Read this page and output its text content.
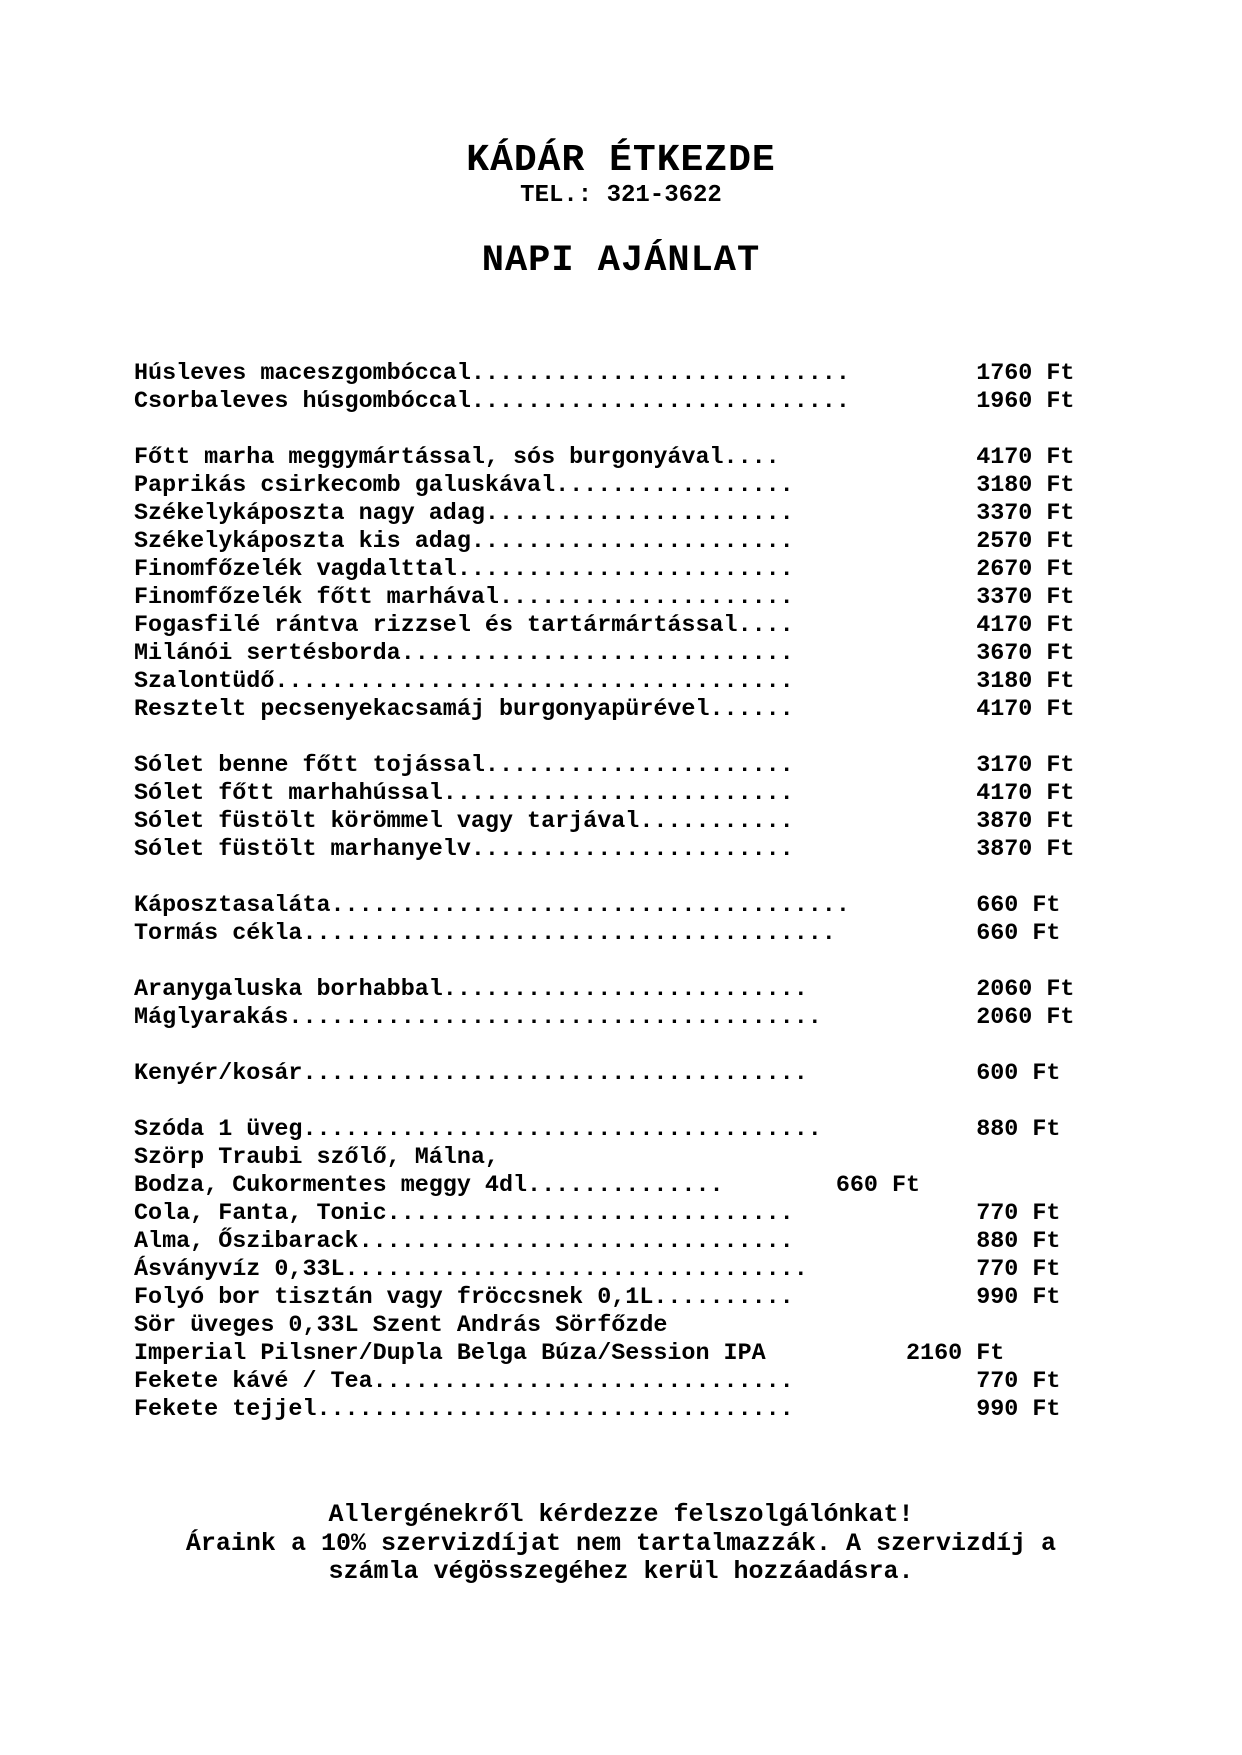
KÁDÁR ÉTKEZDE
TEL.: 321-3622
NAPI AJÁNLAT
Húsleves maceszgombóccal...........................         1760 Ft
Csorbaleves húsgombóccal...........................         1960 Ft

Főtt marha meggymártással, sós burgonyával....              4170 Ft
Paprikás csirkecomb galuskával.................             3180 Ft
Székelykáposzta nagy adag......................             3370 Ft
Székelykáposzta kis adag.......................             2570 Ft
Finomfőzelék vagdalttal........................             2670 Ft
Finomfőzelék főtt marhával.....................             3370 Ft
Fogasfilé rántva rizzsel és tartármártással....             4170 Ft
Milánói sertésborda............................             3670 Ft
Szalontüdő.....................................             3180 Ft
Resztelt pecsenyekacsamáj burgonyapürével......             4170 Ft

Sólet benne főtt tojással......................             3170 Ft
Sólet főtt marhahússal.........................             4170 Ft
Sólet füstölt körömmel vagy tarjával...........             3870 Ft
Sólet füstölt marhanyelv.......................             3870 Ft

Káposztasaláta.....................................         660 Ft
Tormás cékla......................................          660 Ft

Aranygaluska borhabbal..........................            2060 Ft
Máglyarakás......................................           2060 Ft

Kenyér/kosár....................................            600 Ft

Szóda 1 üveg.....................................           880 Ft
Szörp Traubi szőlő, Málna,
Bodza, Cukormentes meggy 4dl..............        660 Ft
Cola, Fanta, Tonic.............................             770 Ft
Alma, Őszibarack...............................             880 Ft
Ásványvíz 0,33L.................................            770 Ft
Folyó bor tisztán vagy fröccsnek 0,1L..........             990 Ft
Sör üveges 0,33L Szent András Sörfőzde
Imperial Pilsner/Dupla Belga Búza/Session IPA          2160 Ft
Fekete kávé / Tea..............................             770 Ft
Fekete tejjel..................................             990 Ft
Allergénekről kérdezze felszolgálónkat!
Áraink a 10% szervizdíjat nem tartalmazzák. A szervizdíj a
számla végösszegéhez kerül hozzáadásra.
